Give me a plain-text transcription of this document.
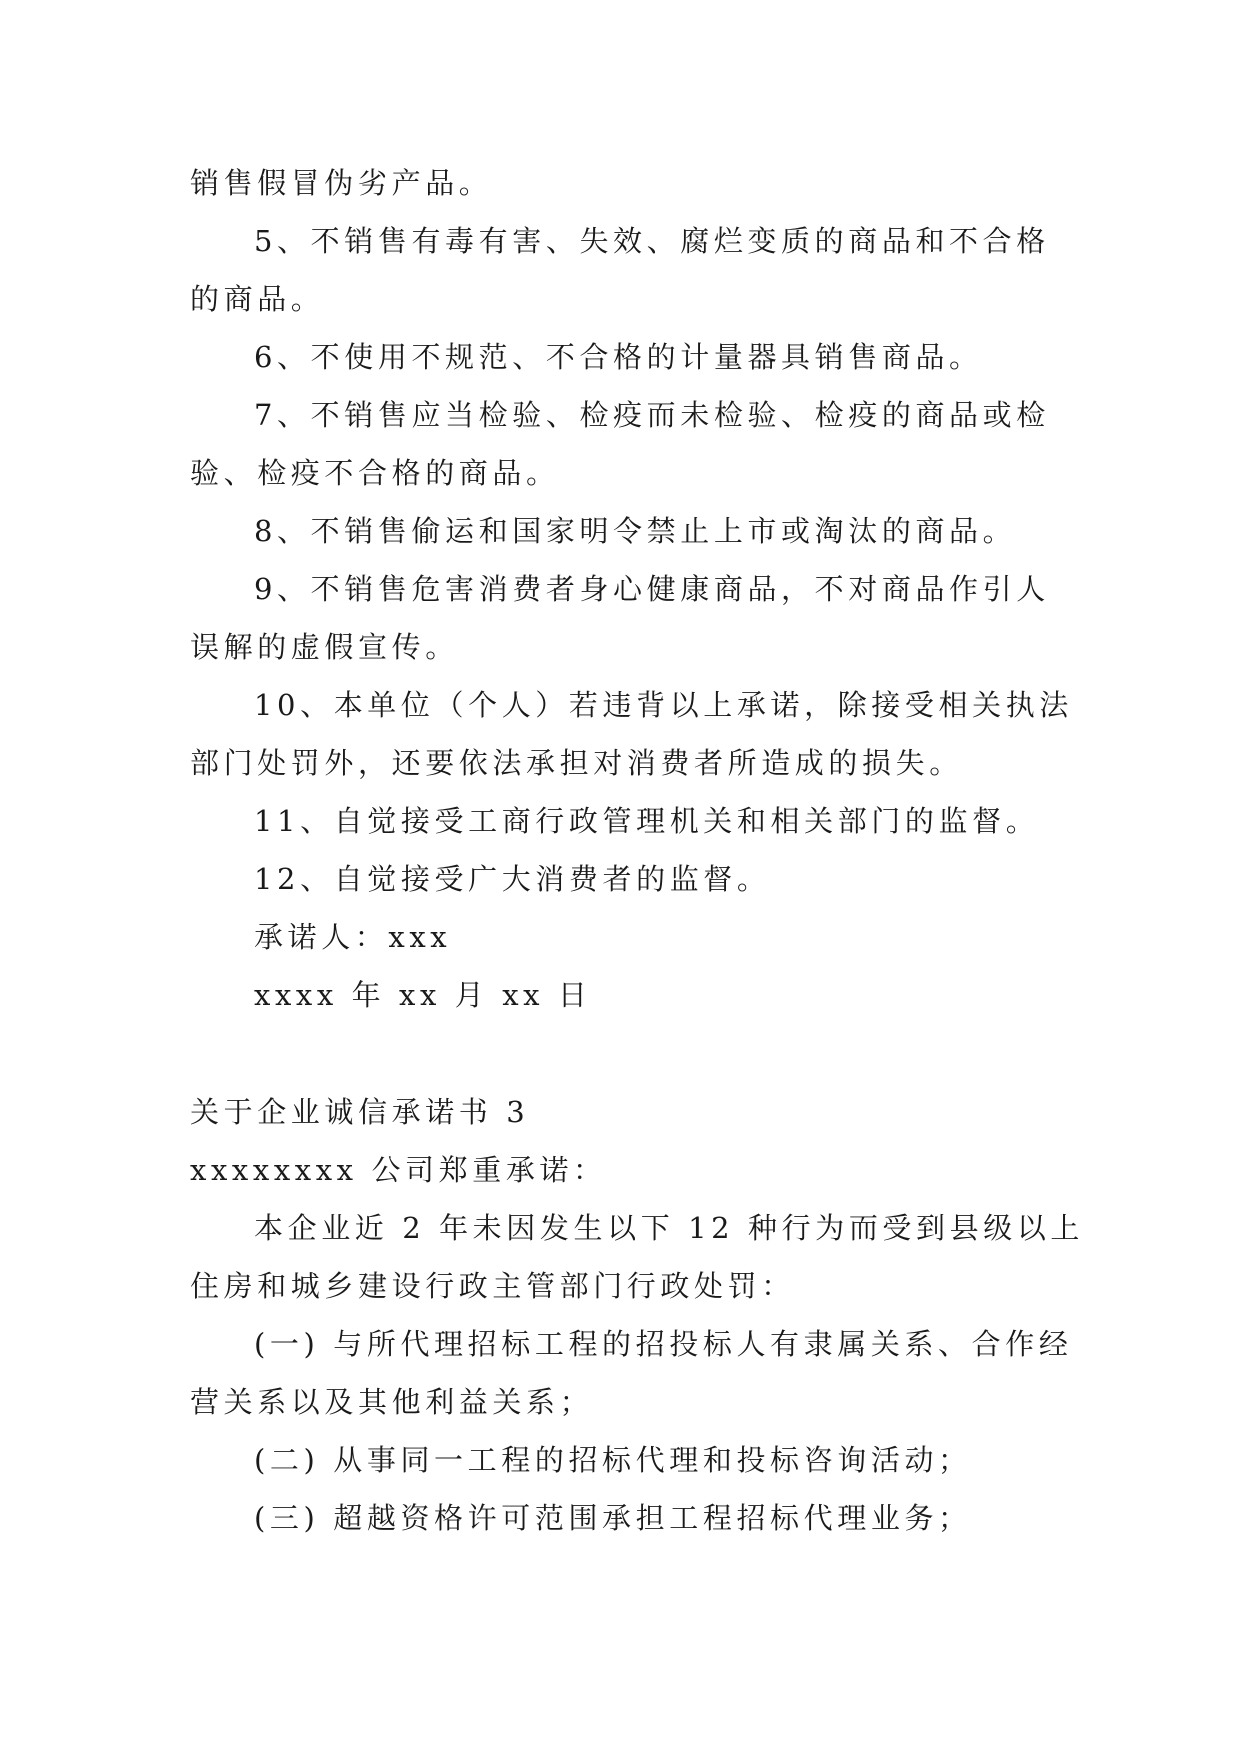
销售假冒伪劣产品。
5、不销售有毒有害、失效、腐烂变质的商品和不合格
的商品。
6、不使用不规范、不合格的计量器具销售商品。
7、不销售应当检验、检疫而未检验、检疫的商品或检
验、检疫不合格的商品。
8、不销售偷运和国家明令禁止上市或淘汰的商品。
9、不销售危害消费者身心健康商品，不对商品作引人
误解的虚假宣传。
10、本单位（个人）若违背以上承诺，除接受相关执法
部门处罚外，还要依法承担对消费者所造成的损失。
11、自觉接受工商行政管理机关和相关部门的监督。
12、自觉接受广大消费者的监督。
承诺人：xxx
xxxx 年 xx 月 xx 日
关于企业诚信承诺书 3
xxxxxxxx 公司郑重承诺：
本企业近 2 年未因发生以下 12 种行为而受到县级以上
住房和城乡建设行政主管部门行政处罚：
(一) 与所代理招标工程的招投标人有隶属关系、合作经
营关系以及其他利益关系；
(二) 从事同一工程的招标代理和投标咨询活动；
(三) 超越资格许可范围承担工程招标代理业务；
